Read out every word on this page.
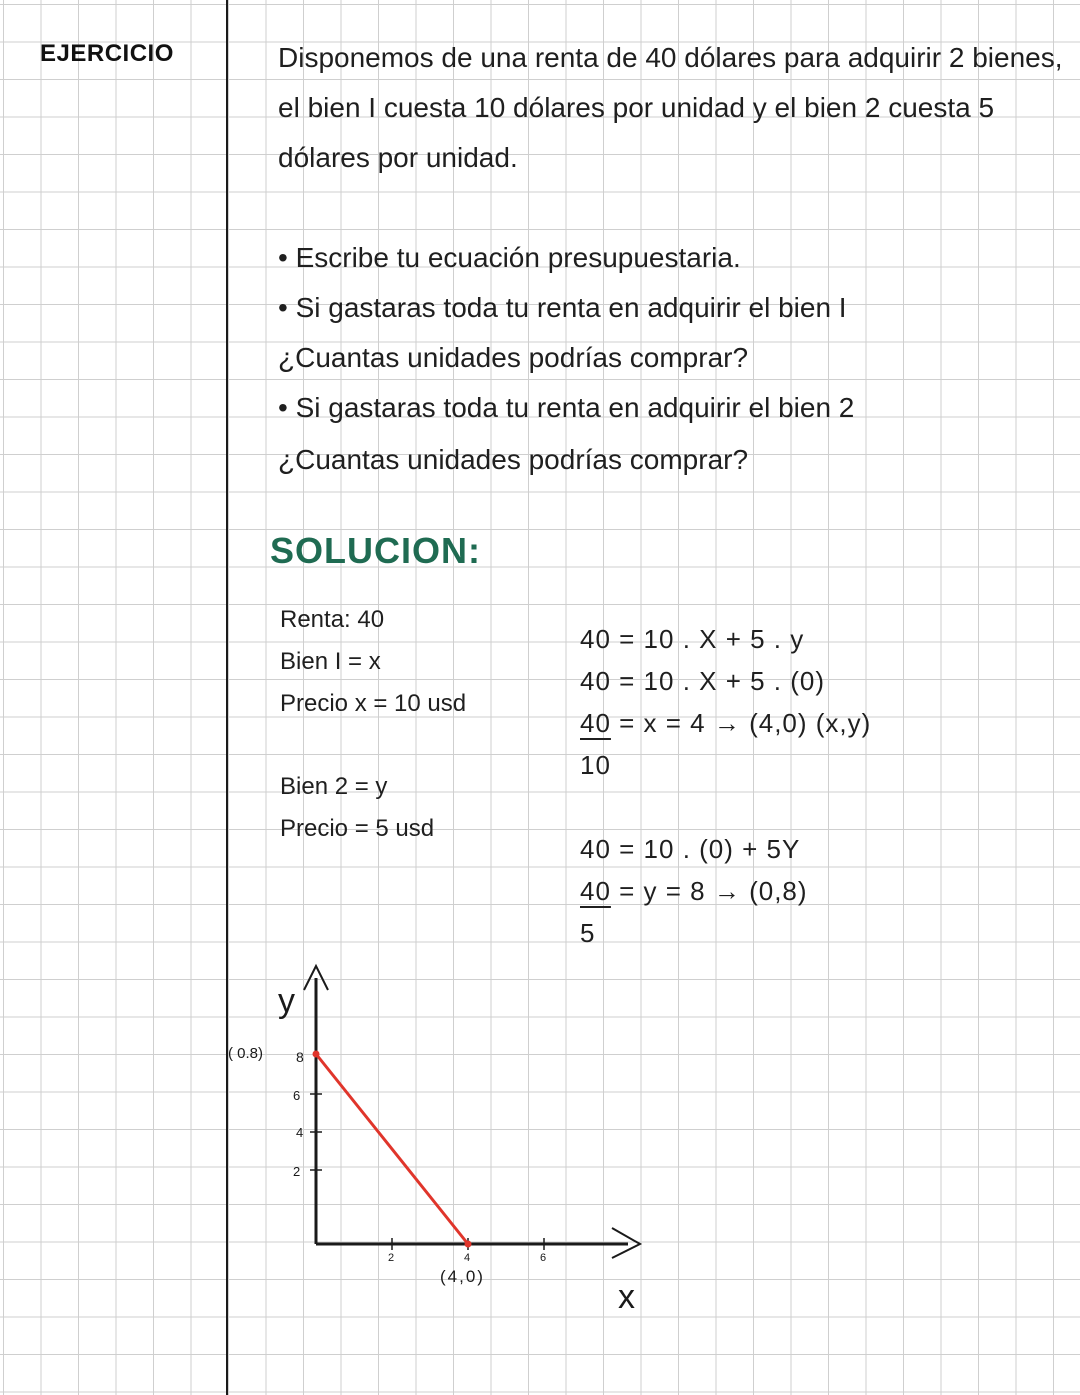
EJERCICIO	Disponemos de una renta de 40 dólares para adquirir 2 bienes,
el bien I cuesta 10 dólares por unidad y el bien 2 cuesta 5
dólares por unidad.
• Escribe tu ecuación presupuestaria.
• Si gastaras toda tu renta en adquirir el bien I
¿Cuantas unidades podrías comprar?
• Si gastaras toda tu renta en adquirir el bien 2
¿Cuantas unidades podrías comprar?
SOLUCION:
Renta: 40
Bien I = x
Precio x = 10 usd
Bien 2 = y
Precio = 5 usd
40 = 10 . X + 5 . y
40 = 10 . X + 5 . (0)
40 = x = 4 → (4,0) (x,y)
10
40 = 10 . (0) + 5Y
40 = y = 8 → (0,8)
5
y
x
8
6
4
2
2	4	6
( 0.8)
(4,0)
